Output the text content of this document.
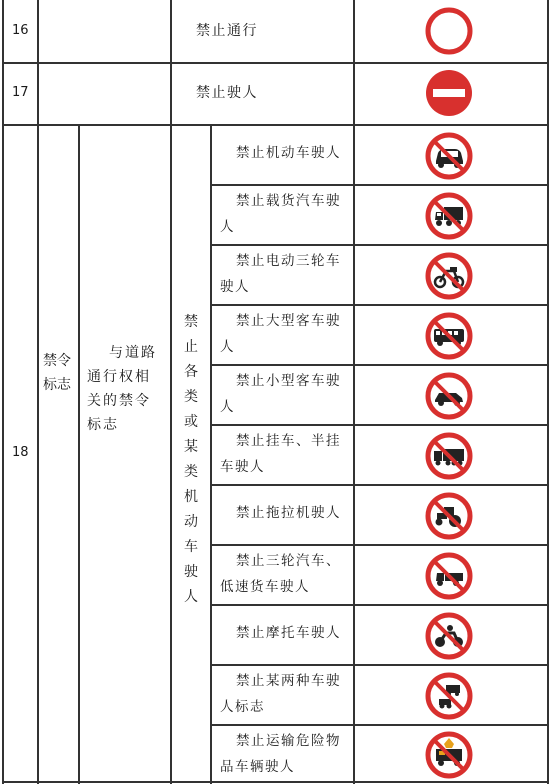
16	禁止通行
17	禁止驶人
18
禁令标志
与道路通行权相关的禁令标志
禁止各类或某类机动车驶人
禁止机动车驶人
禁止载货汽车驶人
禁止电动三轮车驶人
禁止大型客车驶人
禁止小型客车驶人
禁止挂车、半挂车驶人
禁止拖拉机驶人
禁止三轮汽车、低速货车驶人
禁止摩托车驶人
禁止某两种车驶人标志
禁止运输危险物品车辆驶人
